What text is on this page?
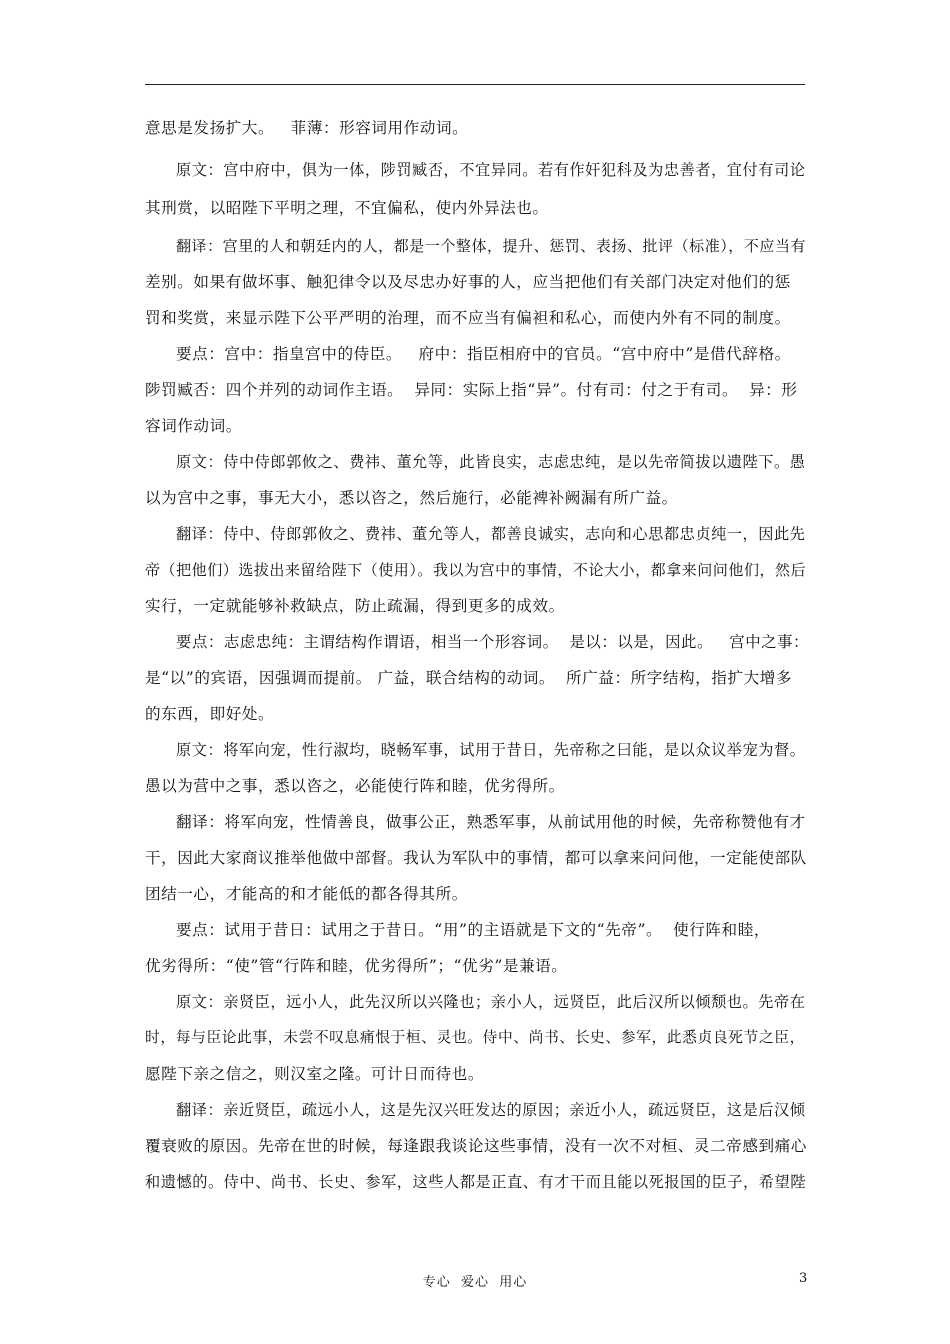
意思是发扬扩大。   菲薄：形容词用作动词。
原文：宫中府中，俱为一体，陟罚臧否，不宜异同。若有作奸犯科及为忠善者，宜付有司论
其刑赏，以昭陛下平明之理，不宜偏私，使内外异法也。
翻译：宫里的人和朝廷内的人，都是一个整体，提升、惩罚、表扬、批评（标准），不应当有
差别。如果有做坏事、触犯律令以及尽忠办好事的人，应当把他们有关部门决定对他们的惩
罚和奖赏，来显示陛下公平严明的治理，而不应当有偏袒和私心，而使内外有不同的制度。
要点：宫中：指皇宫中的侍臣。   府中：指臣相府中的官员。“宫中府中”是借代辞格。
陟罚臧否：四个并列的动词作主语。  异同：实际上指“异”。付有司：付之于有司。  异：形
容词作动词。
原文：侍中侍郎郭攸之、费祎、董允等，此皆良实，志虑忠纯，是以先帝简拔以遗陛下。愚
以为宫中之事，事无大小，悉以咨之，然后施行，必能裨补阙漏有所广益。
翻译：侍中、侍郎郭攸之、费祎、董允等人，都善良诚实，志向和心思都忠贞纯一，因此先
帝（把他们）选拔出来留给陛下（使用）。我以为宫中的事情，不论大小，都拿来问问他们，然后
实行，一定就能够补救缺点，防止疏漏，得到更多的成效。
要点：志虑忠纯：主谓结构作谓语，相当一个形容词。  是以：以是，因此。   宫中之事：
是“以”的宾语，因强调而提前。 广益，联合结构的动词。  所广益：所字结构，指扩大增多
的东西，即好处。
原文：将军向宠，性行淑均，晓畅军事，试用于昔日，先帝称之曰能，是以众议举宠为督。
愚以为营中之事，悉以咨之，必能使行阵和睦，优劣得所。
翻译：将军向宠，性情善良，做事公正，熟悉军事，从前试用他的时候，先帝称赞他有才
干，因此大家商议推举他做中部督。我认为军队中的事情，都可以拿来问问他，一定能使部队
团结一心，才能高的和才能低的都各得其所。
要点：试用于昔日：试用之于昔日。“用”的主语就是下文的“先帝”。  使行阵和睦，
优劣得所：“使”管“行阵和睦，优劣得所”；“优劣”是兼语。
原文：亲贤臣，远小人，此先汉所以兴隆也；亲小人，远贤臣，此后汉所以倾颓也。先帝在
时，每与臣论此事，未尝不叹息痛恨于桓、灵也。侍中、尚书、长史、参军，此悉贞良死节之臣，
愿陛下亲之信之，则汉室之隆。可计日而待也。
翻译：亲近贤臣，疏远小人，这是先汉兴旺发达的原因；亲近小人，疏远贤臣，这是后汉倾
覆衰败的原因。先帝在世的时候，每逢跟我谈论这些事情，没有一次不对桓、灵二帝感到痛心
和遗憾的。侍中、尚书、长史、参军，这些人都是正直、有才干而且能以死报国的臣子，希望陛
专心  爱心  用心	3
